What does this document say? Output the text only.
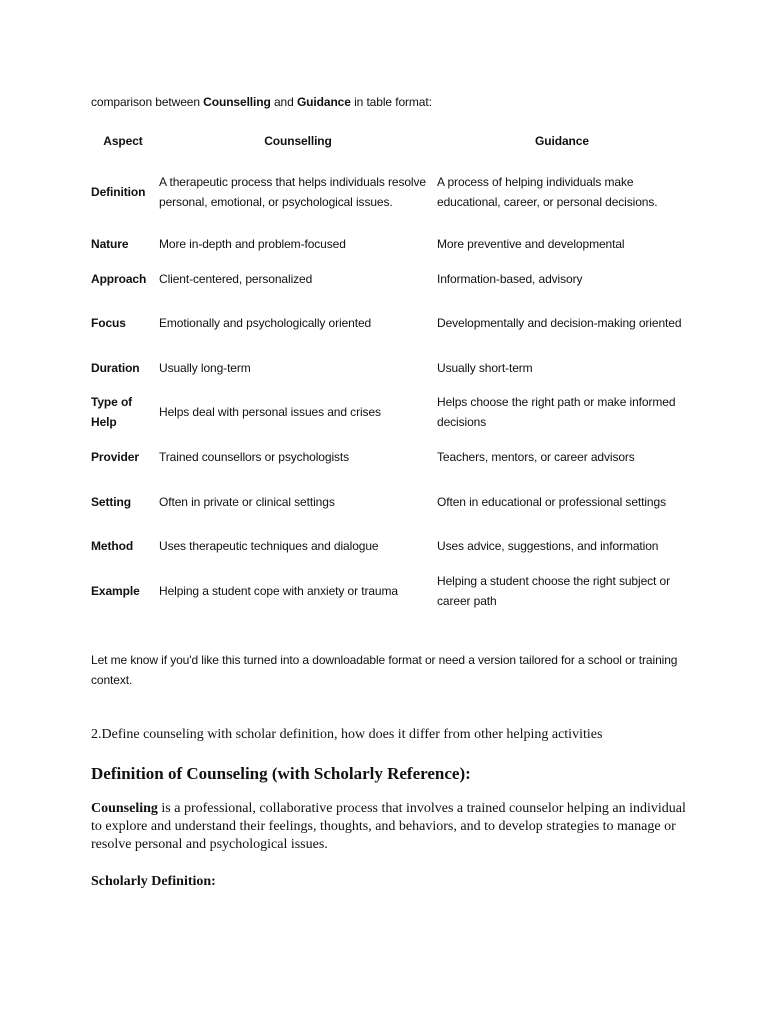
comparison between Counselling and Guidance in table format:
Aspect	Counselling	Guidance
Definition	A therapeutic process that helps individuals resolve personal, emotional, or psychological issues.	A process of helping individuals make educational, career, or personal decisions.
Nature	More in-depth and problem-focused	More preventive and developmental
Approach	Client-centered, personalized	Information-based, advisory
Focus	Emotionally and psychologically oriented	Developmentally and decision-making oriented
Duration	Usually long-term	Usually short-term
Type of Help	Helps deal with personal issues and crises	Helps choose the right path or make informed decisions
Provider	Trained counsellors or psychologists	Teachers, mentors, or career advisors
Setting	Often in private or clinical settings	Often in educational or professional settings
Method	Uses therapeutic techniques and dialogue	Uses advice, suggestions, and information
Example	Helping a student cope with anxiety or trauma	Helping a student choose the right subject or career path
Let me know if you'd like this turned into a downloadable format or need a version tailored for a school or training context.
2.Define counseling with scholar definition, how does it differ from other helping activities
Definition of Counseling (with Scholarly Reference):
Counseling is a professional, collaborative process that involves a trained counselor helping an individual to explore and understand their feelings, thoughts, and behaviors, and to develop strategies to manage or resolve personal and psychological issues.
Scholarly Definition:
